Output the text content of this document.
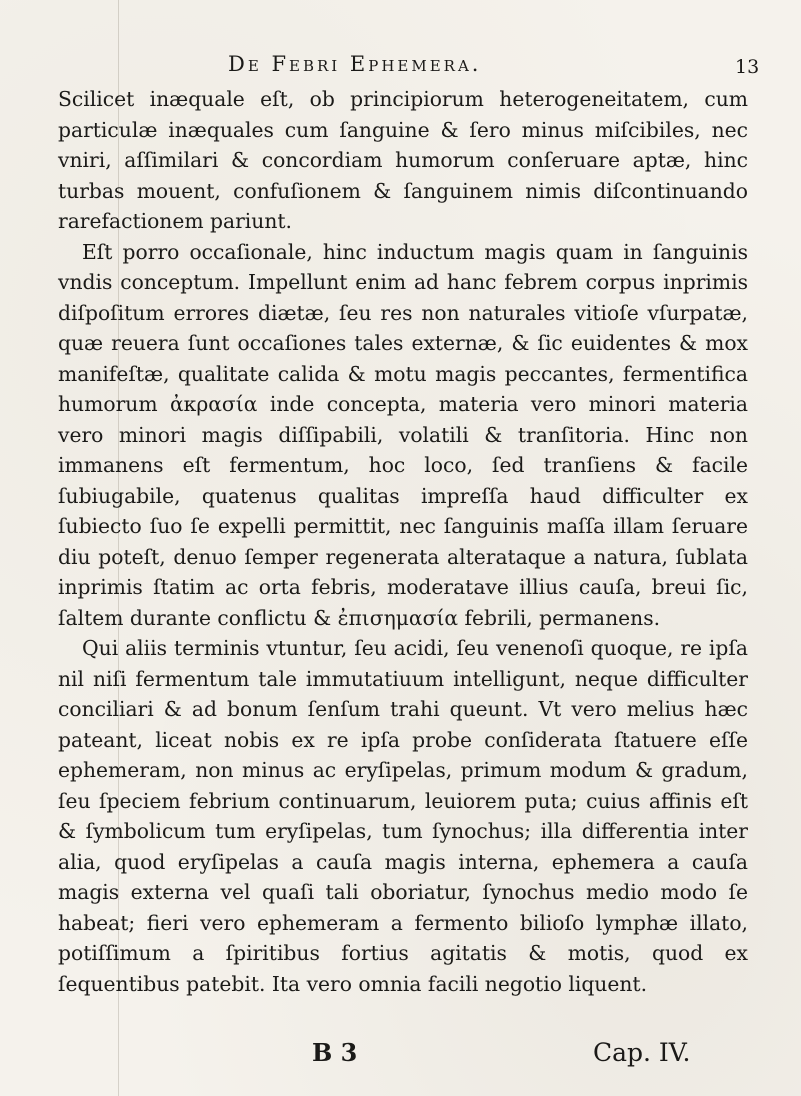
De Febri Ephemera.	13

Scilicet inæquale eſt, ob principiorum heterogeneitatem, cum particulæ inæquales cum ſanguine & ſero minus miſcibiles, nec vniri, aſſimilari & concordiam humorum conſeruare aptæ, hinc turbas mouent, confuſionem & ſanguinem nimis diſcontinuando rarefactionem pariunt.

Eſt porro occaſionale, hinc inductum magis quam in ſanguinis vndis conceptum. Impellunt enim ad hanc febrem corpus inprimis diſpoſitum errores diætæ, ſeu res non naturales vitioſe vſurpatæ, quæ reuera ſunt occaſiones tales externæ, & ſic euidentes & mox manifeſtæ, qualitate calida & motu magis peccantes, fermentifica humorum ἀκρασία inde concepta, materia vero minori materia vero minori magis diſſipabili, volatili & tranſitoria. Hinc non immanens eſt fermentum, hoc loco, ſed tranſiens & facile ſubiugabile, quatenus qualitas impreſſa haud difficulter ex ſubiecto ſuo ſe expelli permittit, nec ſanguinis maſſa illam ſeruare diu poteſt, denuo ſemper regenerata alterataque a natura, ſublata inprimis ſtatim ac orta febris, moderatave illius cauſa, breui ſic, ſaltem durante conflictu & ἐπισημασία febrili, permanens.

Qui aliis terminis vtuntur, ſeu acidi, ſeu venenoſi quoque, re ipſa nil niſi fermentum tale immutatiuum intelligunt, neque difficulter conciliari & ad bonum ſenſum trahi queunt. Vt vero melius hæc pateant, liceat nobis ex re ipſa probe conſiderata ſtatuere eſſe ephemeram, non minus ac eryſipelas, primum modum & gradum, ſeu ſpeciem febrium continuarum, leuiorem puta; cuius affinis eſt & ſymbolicum tum eryſipelas, tum ſynochus; illa differentia inter alia, quod eryſipelas a cauſa magis interna, ephemera a cauſa magis externa vel quaſi tali oboriatur, ſynochus medio modo ſe habeat; fieri vero ephemeram a fermento bilioſo lymphæ illato, potiſſimum a ſpiritibus fortius agitatis & motis, quod ex ſequentibus patebit. Ita vero omnia facili negotio liquent.

B 3	Cap. IV.
